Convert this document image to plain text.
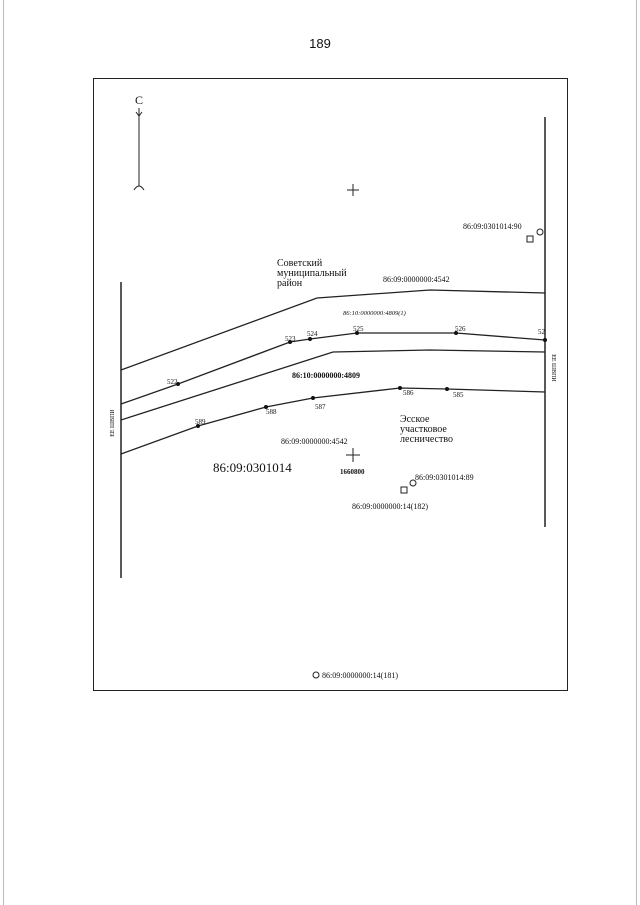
189
С
EE ШВПИ
EE ШВПИ
522
523
524
525	526	52
589
588
587
586	585
Советский муниципальный район
Эсское участковое лесничество
86:09:0301014:90
86:09:0000000:4542
86:10:0000000:4809(1)
86:10:0000000:4809
86:09:0000000:4542
86:09:0301014	1660800
86:09:0301014:89
86:09:0000000:14(182)
86:09:0000000:14(181)
